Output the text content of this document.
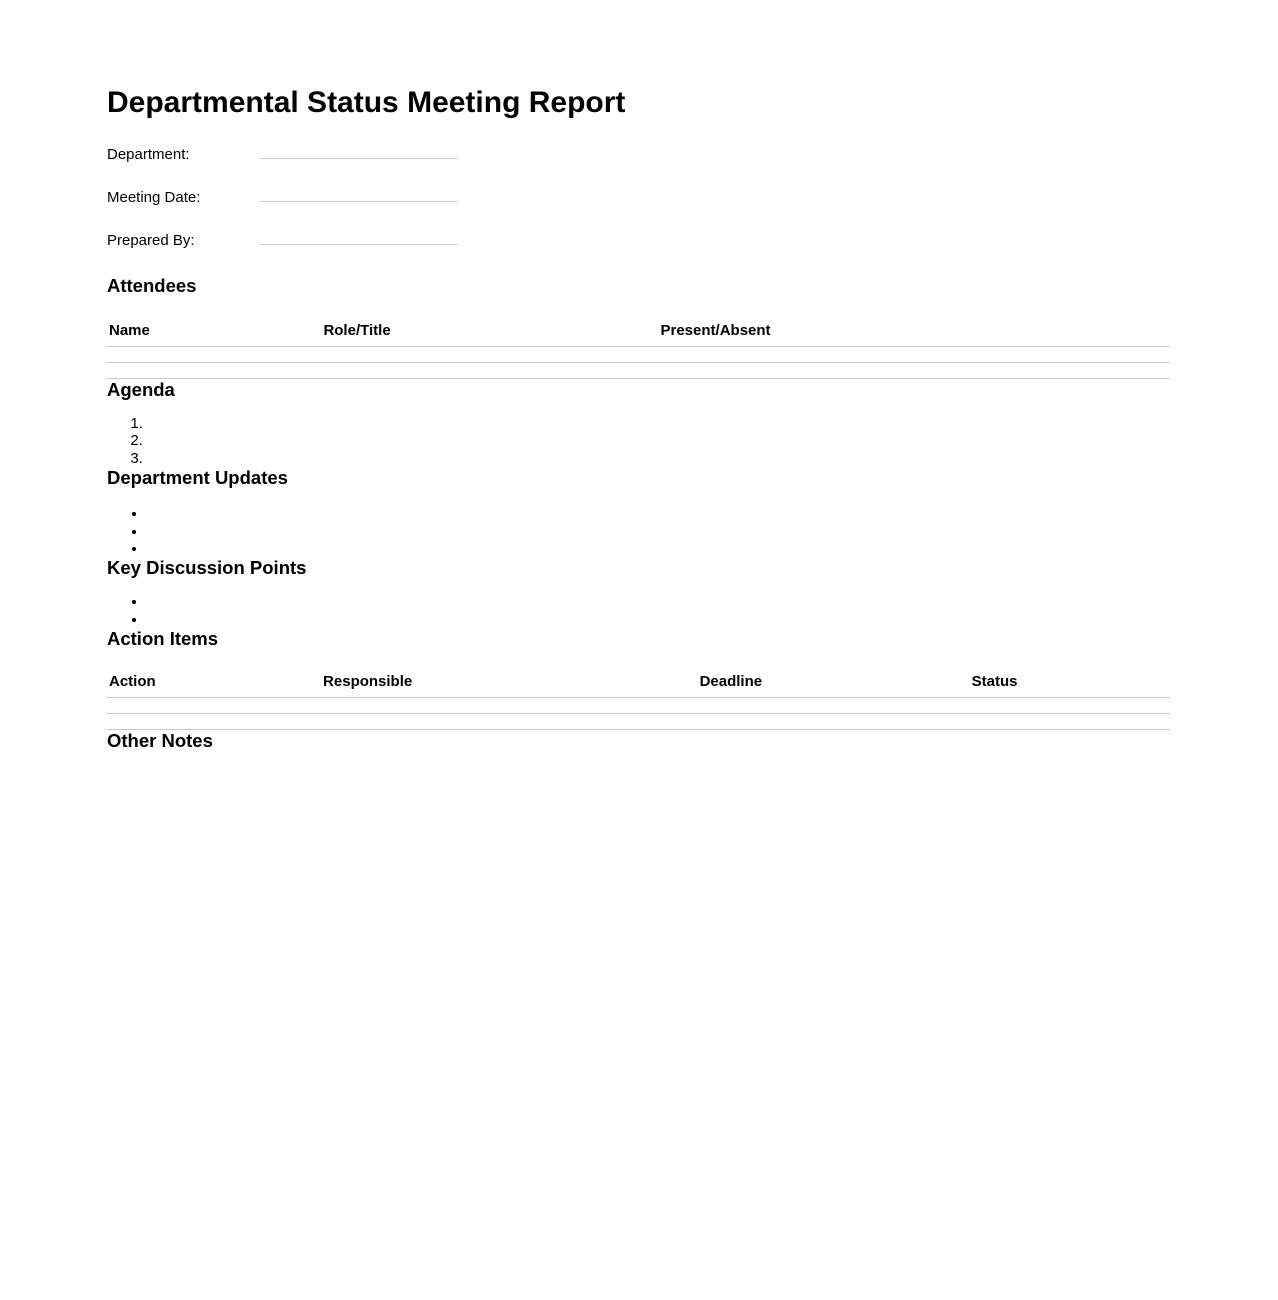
Departmental Status Meeting Report
Department:
Meeting Date:
Prepared By:
Attendees
Name	Role/Title	Present/Absent

Agenda
1.
2.
3.
Department Updates
•
•
•
Key Discussion Points
•
•
Action Items
Action	Responsible	Deadline	Status

Other Notes
